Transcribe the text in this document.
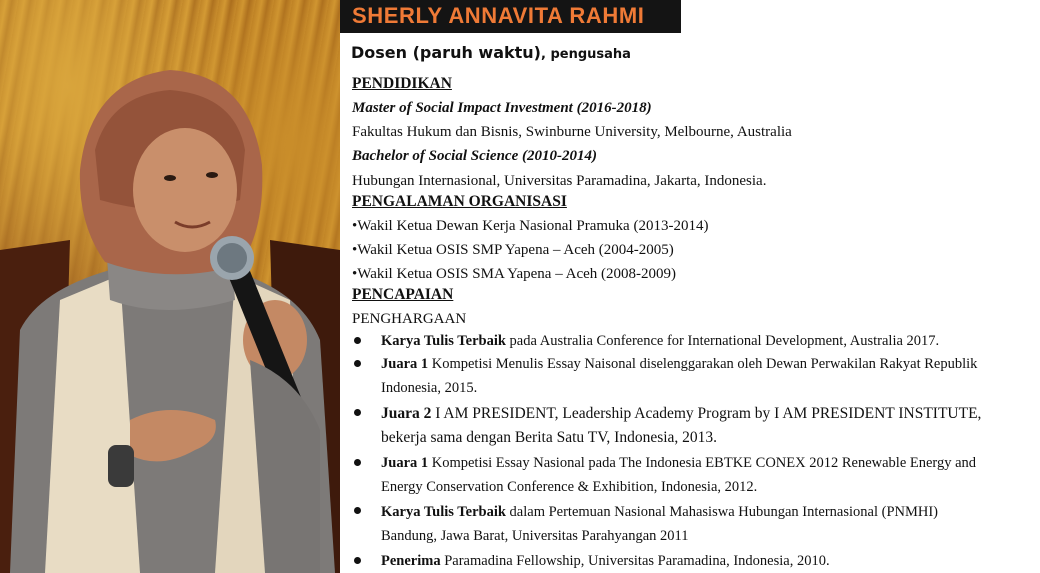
SHERLY ANNAVITA RAHMI
Dosen (paruh waktu), pengusaha
PENDIDIKAN
Master of Social Impact Investment (2016-2018)
Fakultas Hukum dan Bisnis, Swinburne University, Melbourne, Australia
Bachelor of Social Science (2010-2014)
Hubungan Internasional, Universitas Paramadina, Jakarta, Indonesia.
PENGALAMAN ORGANISASI
•Wakil Ketua Dewan Kerja Nasional Pramuka (2013-2014)
•Wakil Ketua OSIS SMP Yapena – Aceh (2004-2005)
•Wakil Ketua OSIS SMA Yapena – Aceh (2008-2009)
PENCAPAIAN
PENGHARGAAN
Karya Tulis Terbaik pada Australia Conference for International Development, Australia 2017.
Juara 1 Kompetisi Menulis Essay Naisonal diselenggarakan oleh Dewan Perwakilan Rakyat Republik
Indonesia, 2015.
Juara 2 I AM PRESIDENT, Leadership Academy Program by I AM PRESIDENT INSTITUTE,
bekerja sama dengan Berita Satu TV, Indonesia, 2013.
Juara 1 Kompetisi Essay Nasional pada The Indonesia EBTKE CONEX 2012 Renewable Energy and
Energy Conservation Conference & Exhibition, Indonesia, 2012.
Karya Tulis Terbaik dalam Pertemuan Nasional Mahasiswa Hubungan Internasional (PNMHI)
Bandung, Jawa Barat, Universitas Parahyangan 2011
Penerima Paramadina Fellowship, Universitas Paramadina, Indonesia, 2010.
